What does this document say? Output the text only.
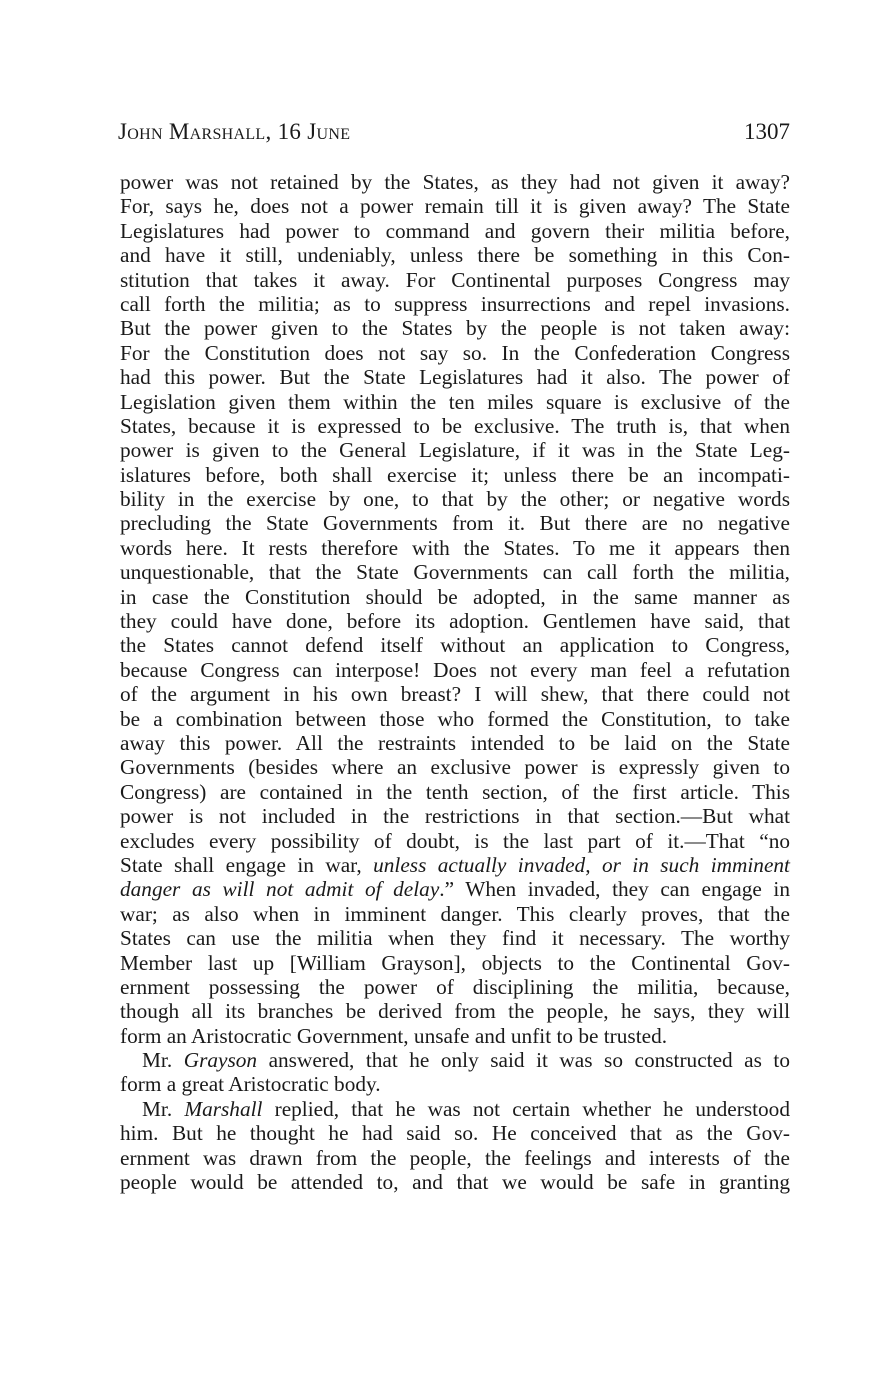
John Marshall, 16 June	1307
power was not retained by the States, as they had not given it away?
For, says he, does not a power remain till it is given away? The State
Legislatures had power to command and govern their militia before,
and have it still, undeniably, unless there be something in this Con-
stitution that takes it away. For Continental purposes Congress may
call forth the militia; as to suppress insurrections and repel invasions.
But the power given to the States by the people is not taken away:
For the Constitution does not say so. In the Confederation Congress
had this power. But the State Legislatures had it also. The power of
Legislation given them within the ten miles square is exclusive of the
States, because it is expressed to be exclusive. The truth is, that when
power is given to the General Legislature, if it was in the State Leg-
islatures before, both shall exercise it; unless there be an incompati-
bility in the exercise by one, to that by the other; or negative words
precluding the State Governments from it. But there are no negative
words here. It rests therefore with the States. To me it appears then
unquestionable, that the State Governments can call forth the militia,
in case the Constitution should be adopted, in the same manner as
they could have done, before its adoption. Gentlemen have said, that
the States cannot defend itself without an application to Congress,
because Congress can interpose! Does not every man feel a refutation
of the argument in his own breast? I will shew, that there could not
be a combination between those who formed the Constitution, to take
away this power. All the restraints intended to be laid on the State
Governments (besides where an exclusive power is expressly given to
Congress) are contained in the tenth section, of the first article. This
power is not included in the restrictions in that section.—But what
excludes every possibility of doubt, is the last part of it.—That “no
State shall engage in war, unless actually invaded, or in such imminent
danger as will not admit of delay.” When invaded, they can engage in
war; as also when in imminent danger. This clearly proves, that the
States can use the militia when they find it necessary. The worthy
Member last up [William Grayson], objects to the Continental Gov-
ernment possessing the power of disciplining the militia, because,
though all its branches be derived from the people, he says, they will
form an Aristocratic Government, unsafe and unfit to be trusted.
Mr. Grayson answered, that he only said it was so constructed as to
form a great Aristocratic body.
Mr. Marshall replied, that he was not certain whether he understood
him. But he thought he had said so. He conceived that as the Gov-
ernment was drawn from the people, the feelings and interests of the
people would be attended to, and that we would be safe in granting
